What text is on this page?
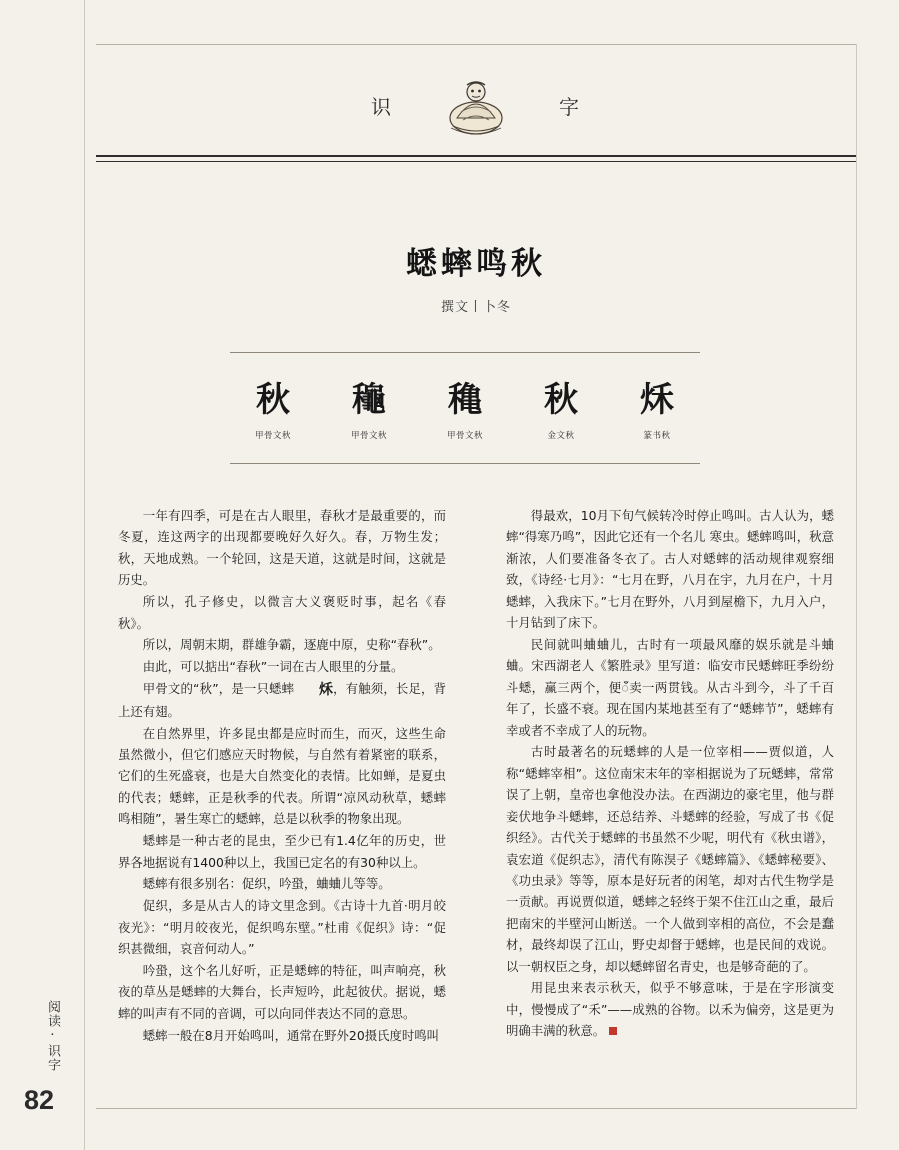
阅读·识字
82
识	字
蟋蟀鸣秋
撰文丨卜冬
秋
甲骨文秋
龝
甲骨文秋
穐
甲骨文秋
秋
金文秋
秌
篆书秋

一年有四季，可是在古人眼里，春秋才是最重要的，而冬夏，连这两字的出现都要晚好久好久。春，万物生发；秋，天地成熟。一个轮回，这是天道，这就是时间，这就是历史。

所以，孔子修史，以微言大义褒贬时事，起名《春秋》。

所以，周朝末期，群雄争霸，逐鹿中原，史称“春秋”。

由此，可以掂出“春秋”一词在古人眼里的分量。

甲骨文的“秋”，是一只蟋蟀 秌，有触须，长足，背上还有翅。

在自然界里，许多昆虫都是应时而生，而灭，这些生命虽然微小，但它们感应天时物候，与自然有着紧密的联系，它们的生死盛衰，也是大自然变化的表情。比如蝉，是夏虫的代表；蟋蟀，正是秋季的代表。所谓“凉风动秋草，蟋蟀鸣相随”，暑生寒亡的蟋蟀，总是以秋季的物象出现。

蟋蟀是一种古老的昆虫，至少已有1.4亿年的历史，世界各地据说有1400种以上，我国已定名的有30种以上。

蟋蟀有很多别名：促织，吟蛩，蛐蛐儿等等。

促织，多是从古人的诗文里念到。《古诗十九首·明月皎夜光》：“明月皎夜光，促织鸣东壁。”杜甫《促织》诗：“促织甚微细，哀音何动人。”

吟蛩，这个名儿好听，正是蟋蟀的特征，叫声响亮，秋夜的草丛是蟋蟀的大舞台，长声短吟，此起彼伏。据说，蟋蟀的叫声有不同的音调，可以向同伴表达不同的意思。

蟋蟀一般在8月开始鸣叫，通常在野外20摄氏度时鸣叫

得最欢，10月下旬气候转冷时停止鸣叫。古人认为，蟋蟀“得寒乃鸣”，因此它还有一个名儿 寒虫。蟋蟀鸣叫，秋意渐浓，人们要准备冬衣了。古人对蟋蟀的活动规律观察细致，《诗经·七月》：“七月在野，八月在宇，九月在户，十月蟋蟀，入我床下。”七月在野外，八月到屋檐下，九月入户，十月钻到了床下。

民间就叫蛐蛐儿，古时有一项最风靡的娱乐就是斗蛐蛐。宋西湖老人《繁胜录》里写道：临安市民蟋蟀旺季纷纷斗蟋，赢三两个，便ँ卖一两贯钱。从古斗到今，斗了千百年了，长盛不衰。现在国内某地甚至有了“蟋蟀节”，蟋蟀有幸或者不幸成了人的玩物。

古时最著名的玩蟋蟀的人是一位宰相——贾似道，人称“蟋蟀宰相”。这位南宋末年的宰相据说为了玩蟋蟀，常常误了上朝，皇帝也拿他没办法。在西湖边的豪宅里，他与群妾伏地争斗蟋蟀，还总结养、斗蟋蟀的经验，写成了书《促织经》。古代关于蟋蟀的书虽然不少呢，明代有《秋虫谱》，袁宏道《促织志》，清代有陈淏子《蟋蟀篇》、《蟋蟀秘要》、《功虫录》等等，原本是好玩者的闲笔，却对古代生物学是一贡献。再说贾似道，蟋蟀之轻终于架不住江山之重，最后把南宋的半壁河山断送。一个人做到宰相的高位，不会是蠢材，最终却误了江山，野史却督于蟋蟀，也是民间的戏说。以一朝权臣之身，却以蟋蟀留名青史，也是够奇葩的了。

用昆虫来表示秋天，似乎不够意味，于是在字形演变中，慢慢成了“禾”——成熟的谷物。以禾为偏旁，这是更为明确丰满的秋意。
